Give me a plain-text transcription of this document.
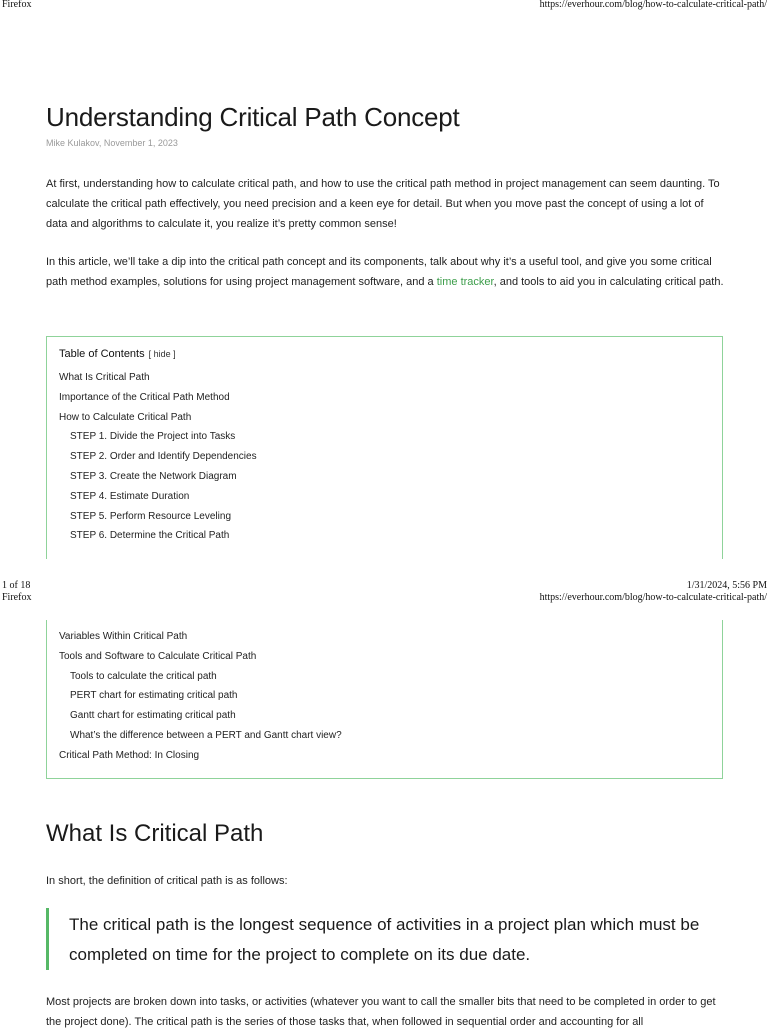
Firefox	https://everhour.com/blog/how-to-calculate-critical-path/
Understanding Critical Path Concept
Mike Kulakov, November 1, 2023

At first, understanding how to calculate critical path, and how to use the critical path method in project management can seem daunting. To calculate the critical path effectively, you need precision and a keen eye for detail. But when you move past the concept of using a lot of data and algorithms to calculate it, you realize it’s pretty common sense!

In this article, we’ll take a dip into the critical path concept and its components, talk about why it’s a useful tool, and give you some critical path method examples, solutions for using project management software, and a time tracker, and tools to aid you in calculating critical path.

Table of Contents [ hide ]
What Is Critical Path
Importance of the Critical Path Method
How to Calculate Critical Path
STEP 1. Divide the Project into Tasks
STEP 2. Order and Identify Dependencies
STEP 3. Create the Network Diagram
STEP 4. Estimate Duration
STEP 5. Perform Resource Leveling
STEP 6. Determine the Critical Path
1 of 18	1/31/2024, 5:56 PM
Firefox	https://everhour.com/blog/how-to-calculate-critical-path/
Variables Within Critical Path
Tools and Software to Calculate Critical Path
Tools to calculate the critical path
PERT chart for estimating critical path
Gantt chart for estimating critical path
What’s the difference between a PERT and Gantt chart view?
Critical Path Method: In Closing
What Is Critical Path

In short, the definition of critical path is as follows:

The critical path is the longest sequence of activities in a project plan which must be completed on time for the project to complete on its due date.

Most projects are broken down into tasks, or activities (whatever you want to call the smaller bits that need to be completed in order to get the project done). The critical path is the series of those tasks that, when followed in sequential order and accounting for all
